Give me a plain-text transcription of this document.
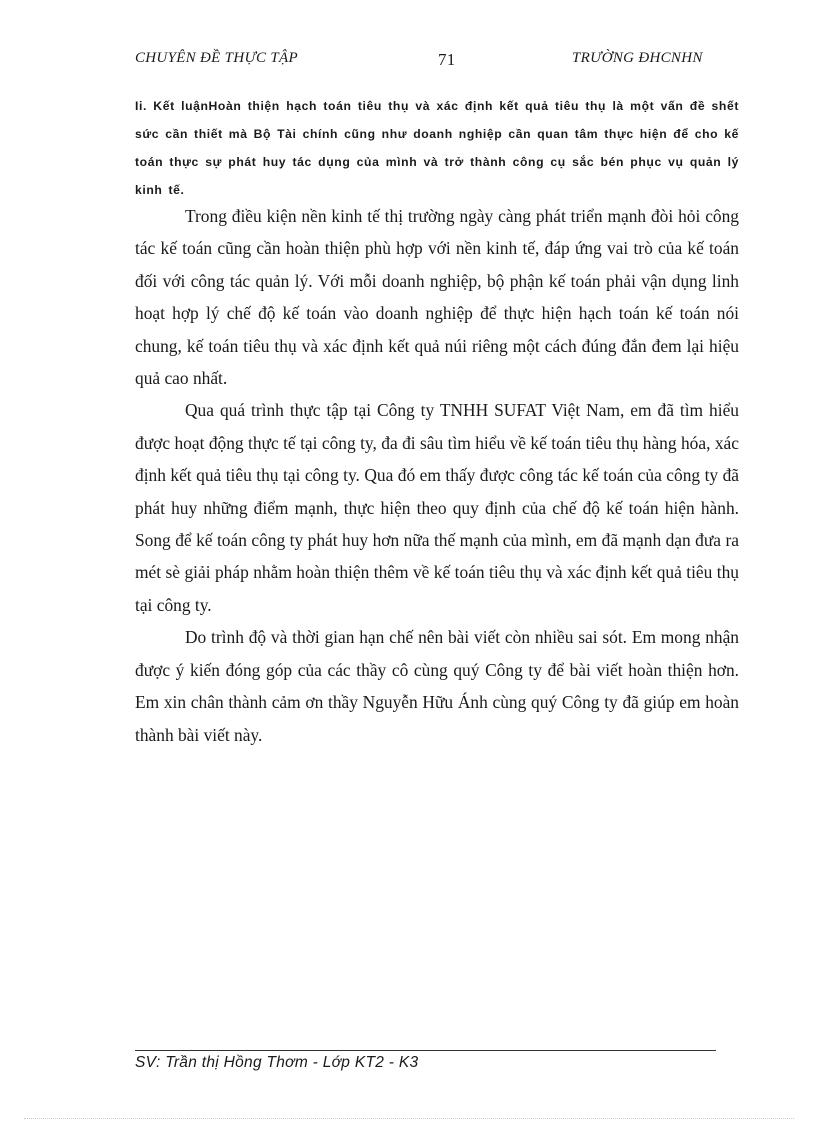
CHUYÊN ĐỀ THỰC TẬP	71	TRƯỜNG ĐHCNHN
Ii. Kết luậnHoàn thiện hạch toán tiêu thụ và xác định kết quả tiêu thụ là một vấn đề shết sức cần thiết mà Bộ Tài chính cũng như doanh nghiệp cần quan tâm thực hiện để cho kế toán thực sự phát huy tác dụng của mình và trở thành công cụ sắc bén phục vụ quản lý kinh tế.

Trong điều kiện nền kinh tế thị trường ngày càng phát triển mạnh đòi hỏi công tác kế toán cũng cần hoàn thiện phù hợp với nền kinh tế, đáp ứng vai trò của kế toán đối với công tác quản lý. Với mỗi doanh nghiệp, bộ phận kế toán phải vận dụng linh hoạt hợp lý chế độ kế toán vào doanh nghiệp để thực hiện hạch toán kế toán nói chung, kế toán tiêu thụ và xác định kết quả núi riêng một cách đúng đắn đem lại hiệu quả cao nhất.

Qua quá trình thực tập tại Công ty TNHH SUFAT Việt Nam, em đã tìm hiểu được hoạt động thực tế tại công ty, đa đi sâu tìm hiểu về kế toán tiêu thụ hàng hóa, xác định kết quả tiêu thụ tại công ty. Qua đó em thấy được công tác kế toán của công ty đã phát huy những điểm mạnh, thực hiện theo quy định của chế độ kế toán hiện hành. Song để kế toán công ty phát huy hơn nữa thế mạnh của mình, em đã mạnh dạn đưa ra mét sè giải pháp nhằm hoàn thiện thêm về kế toán tiêu thụ và xác định kết quả tiêu thụ tại công ty.

Do trình độ và thời gian hạn chế nên bài viết còn nhiều sai sót. Em mong nhận được ý kiến đóng góp của các thầy cô cùng quý Công ty để bài viết hoàn thiện hơn. Em xin chân thành cảm ơn thầy Nguyễn Hữu Ánh cùng quý Công ty đã giúp em hoàn thành bài viết này.

SV: Trần thị Hồng Thơm - Lớp KT2 - K3
